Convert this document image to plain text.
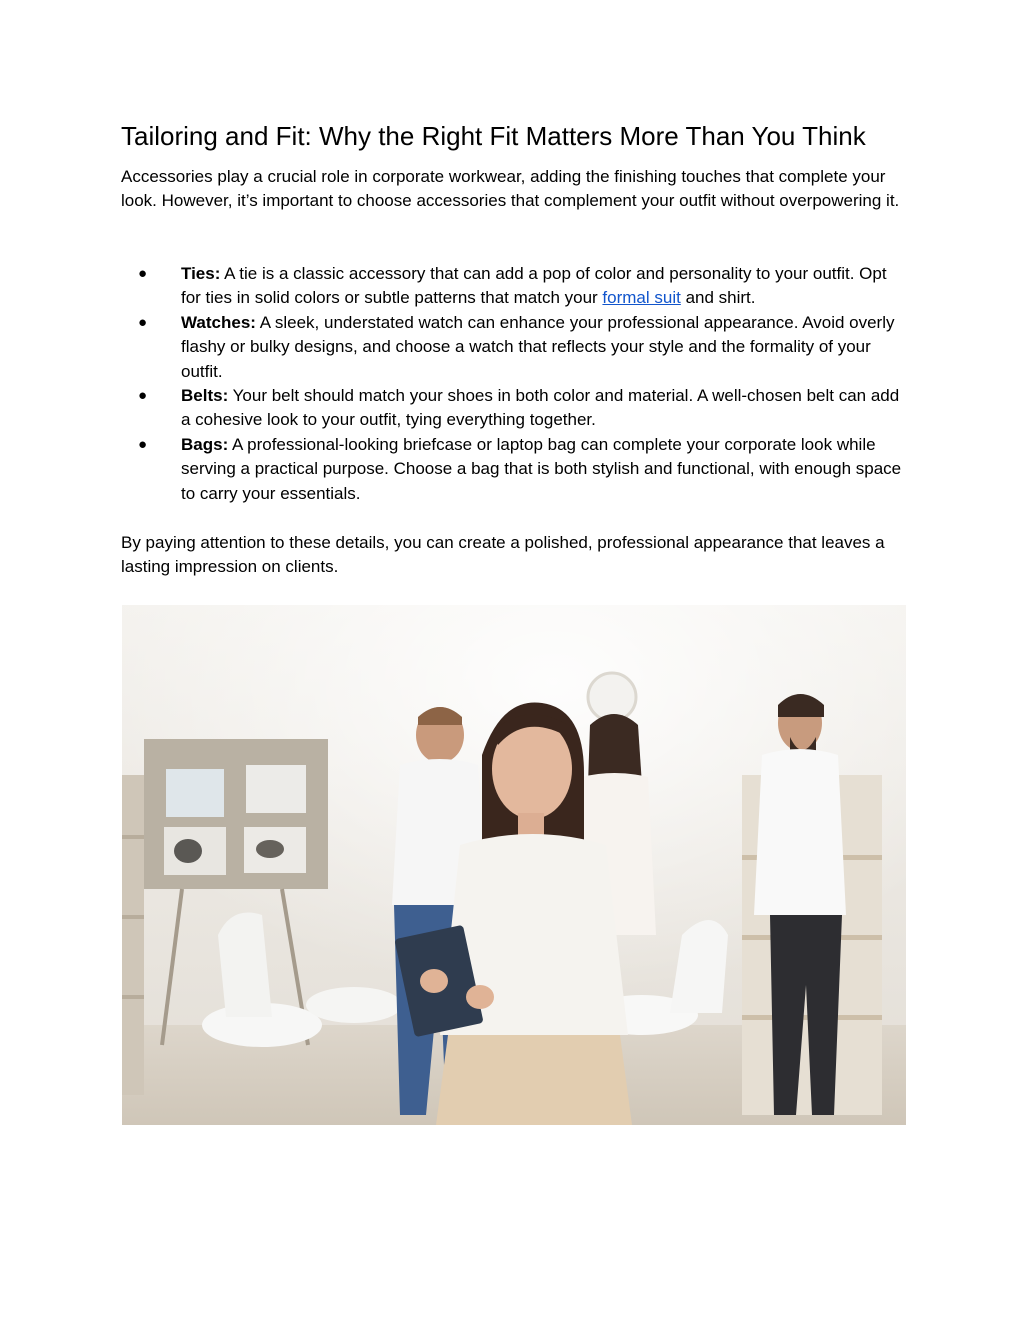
Tailoring and Fit: Why the Right Fit Matters More Than You Think

Accessories play a crucial role in corporate workwear, adding the finishing touches that complete your look. However, it’s important to choose accessories that complement your outfit without overpowering it.

● Ties: A tie is a classic accessory that can add a pop of color and personality to your outfit. Opt for ties in solid colors or subtle patterns that match your formal suit and shirt.
● Watches: A sleek, understated watch can enhance your professional appearance. Avoid overly flashy or bulky designs, and choose a watch that reflects your style and the formality of your outfit.
● Belts: Your belt should match your shoes in both color and material. A well-chosen belt can add a cohesive look to your outfit, tying everything together.
● Bags: A professional-looking briefcase or laptop bag can complete your corporate look while serving a practical purpose. Choose a bag that is both stylish and functional, with enough space to carry your essentials.

By paying attention to these details, you can create a polished, professional appearance that leaves a lasting impression on clients.
